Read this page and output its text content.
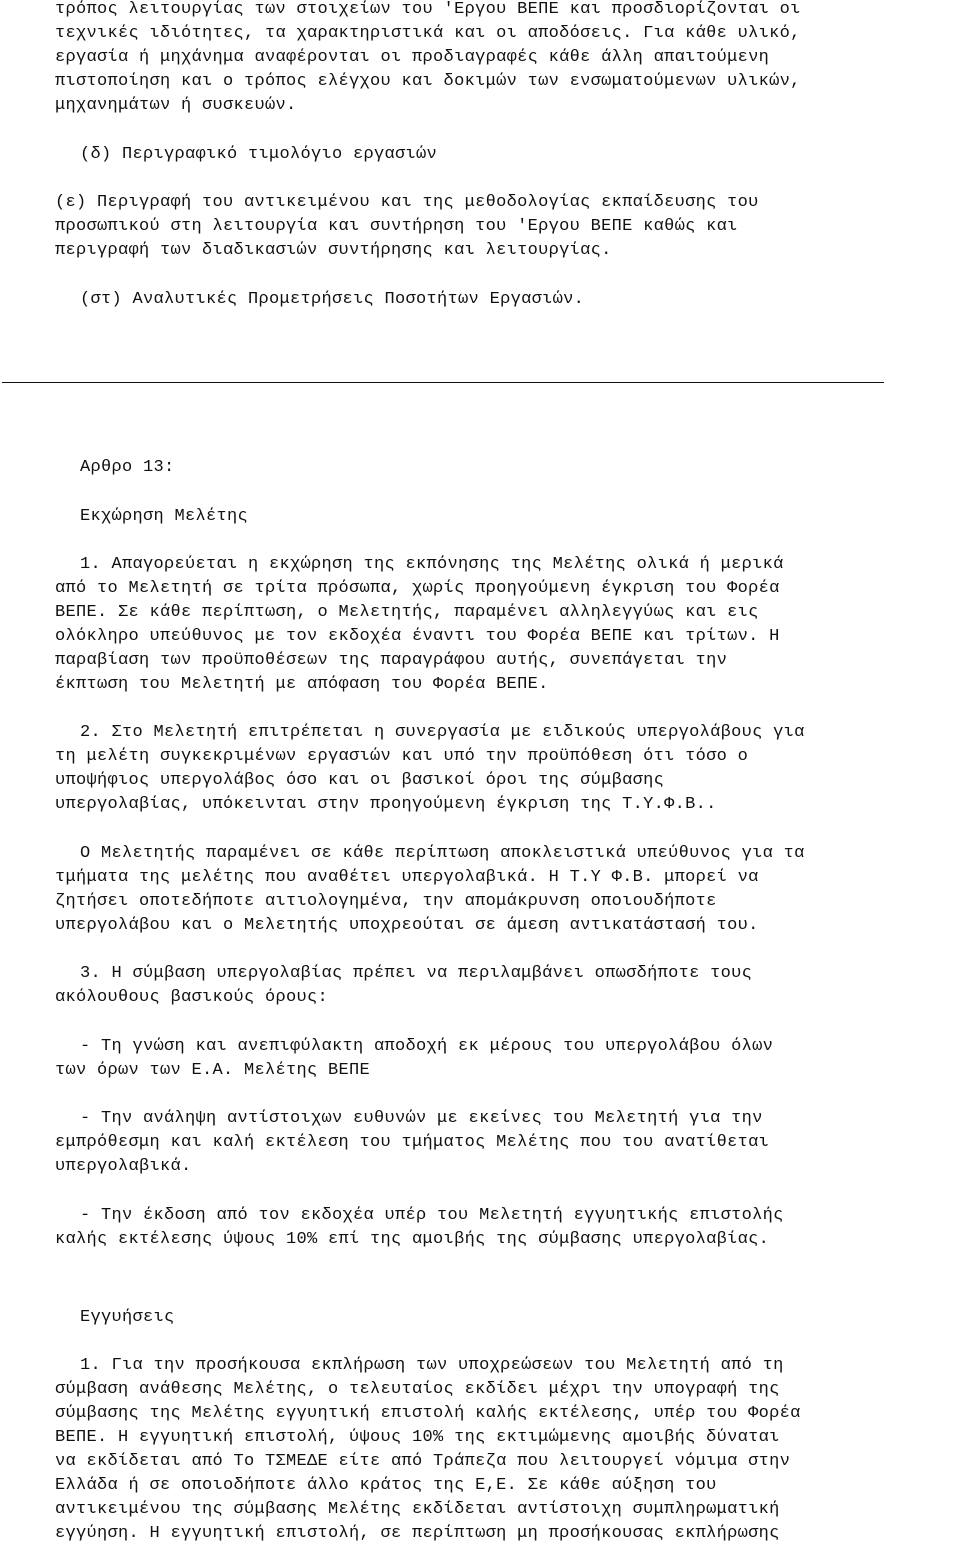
τρόπος λειτουργίας των στοιχείων του 'Εργου ΒΕΠΕ και προσδιορίζονται οι
τεχνικές ιδιότητες, τα χαρακτηριστικά και οι αποδόσεις. Για κάθε υλικό,
εργασία ή μηχάνημα αναφέρονται οι προδιαγραφές κάθε άλλη απαιτούμενη
πιστοποίηση και ο τρόπος ελέγχου και δοκιμών των ενσωματούμενων υλικών,
μηχανημάτων ή συσκευών.
(δ) Περιγραφικό τιμολόγιο εργασιών
(ε) Περιγραφή του αντικειμένου και της μεθοδολογίας εκπαίδευσης του
προσωπικού στη λειτουργία και συντήρηση του 'Εργου ΒΕΠΕ καθώς και
περιγραφή των διαδικασιών συντήρησης και λειτουργίας.
(στ) Αναλυτικές Προμετρήσεις Ποσοτήτων Εργασιών.
Αρθρο 13:
Εκχώρηση Μελέτης
1. Απαγορεύεται η εκχώρηση της εκπόνησης της Μελέτης ολικά ή μερικά
από το Μελετητή σε τρίτα πρόσωπα, χωρίς προηγούμενη έγκριση του Φορέα
ΒΕΠΕ. Σε κάθε περίπτωση, ο Μελετητής, παραμένει αλληλεγγύως και εις
ολόκληρο υπεύθυνος με τον εκδοχέα έναντι του Φορέα ΒΕΠΕ και τρίτων. Η
παραβίαση των προϋποθέσεων της παραγράφου αυτής, συνεπάγεται την
έκπτωση του Μελετητή με απόφαση του Φορέα ΒΕΠΕ.
2. Στο Μελετητή επιτρέπεται η συνεργασία με ειδικούς υπεργολάβους για
τη μελέτη συγκεκριμένων εργασιών και υπό την προϋπόθεση ότι τόσο ο
υποψήφιος υπεργολάβος όσο και οι βασικοί όροι της σύμβασης
υπεργολαβίας, υπόκεινται στην προηγούμενη έγκριση της Τ.Υ.Φ.Β..
Ο Μελετητής παραμένει σε κάθε περίπτωση αποκλειστικά υπεύθυνος για τα
τμήματα της μελέτης που αναθέτει υπεργολαβικά. Η Τ.Υ Φ.Β. μπορεί να
ζητήσει οποτεδήποτε αιτιολογημένα, την απομάκρυνση οποιουδήποτε
υπεργολάβου και ο Μελετητής υποχρεούται σε άμεση αντικατάστασή του.
3. Η σύμβαση υπεργολαβίας πρέπει να περιλαμβάνει οπωσδήποτε τους
ακόλουθους βασικούς όρους:
- Τη γνώση και ανεπιφύλακτη αποδοχή εκ μέρους του υπεργολάβου όλων
των όρων των Ε.Α. Μελέτης ΒΕΠΕ
- Την ανάληψη αντίστοιχων ευθυνών με εκείνες του Μελετητή για την
εμπρόθεσμη και καλή εκτέλεση του τμήματος Μελέτης που του ανατίθεται
υπεργολαβικά.
- Την έκδοση από τον εκδοχέα υπέρ του Μελετητή εγγυητικής επιστολής
καλής εκτέλεσης ύψους 10% επί της αμοιβής της σύμβασης υπεργολαβίας.
Εγγυήσεις
1. Για την προσήκουσα εκπλήρωση των υποχρεώσεων του Μελετητή από τη
σύμβαση ανάθεσης Μελέτης, ο τελευταίος εκδίδει μέχρι την υπογραφή της
σύμβασης της Μελέτης εγγυητική επιστολή καλής εκτέλεσης, υπέρ του Φορέα
ΒΕΠΕ. Η εγγυητική επιστολή, ύψους 10% της εκτιμώμενης αμοιβής δύναται
να εκδίδεται από Το ΤΣΜΕΔΕ είτε από Τράπεζα που λειτουργεί νόμιμα στην
Ελλάδα ή σε οποιοδήποτε άλλο κράτος της Ε,Ε. Σε κάθε αύξηση του
αντικειμένου της σύμβασης Μελέτης εκδίδεται αντίστοιχη συμπληρωματική
εγγύηση. Η εγγυητική επιστολή, σε περίπτωση μη προσήκουσας εκπλήρωσης
